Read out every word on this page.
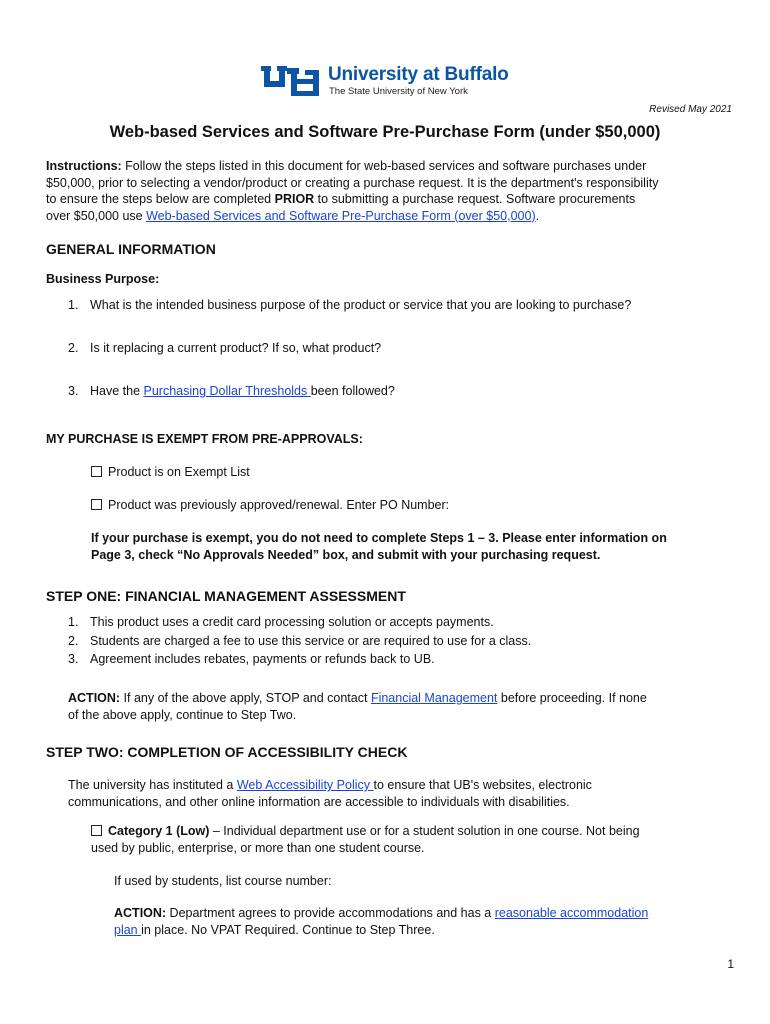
University at Buffalo
The State University of New York
Revised May 2021
Web-based Services and Software Pre-Purchase Form (under $50,000)
Instructions: Follow the steps listed in this document for web-based services and software purchases under
$50,000, prior to selecting a vendor/product or creating a purchase request. It is the department's responsibility
to ensure the steps below are completed PRIOR to submitting a purchase request. Software procurements
over $50,000 use Web-based Services and Software Pre-Purchase Form (over $50,000).
GENERAL INFORMATION
Business Purpose:
1. What is the intended business purpose of the product or service that you are looking to purchase?
2. Is it replacing a current product? If so, what product?
3. Have the Purchasing Dollar Thresholds been followed?
MY PURCHASE IS EXEMPT FROM PRE-APPROVALS:
Product is on Exempt List
Product was previously approved/renewal. Enter PO Number:
If your purchase is exempt, you do not need to complete Steps 1 – 3. Please enter information on
Page 3, check “No Approvals Needed” box, and submit with your purchasing request.
STEP ONE: FINANCIAL MANAGEMENT ASSESSMENT
1. This product uses a credit card processing solution or accepts payments.
2. Students are charged a fee to use this service or are required to use for a class.
3. Agreement includes rebates, payments or refunds back to UB.
ACTION: If any of the above apply, STOP and contact Financial Management before proceeding. If none
of the above apply, continue to Step Two.
STEP TWO: COMPLETION OF ACCESSIBILITY CHECK
The university has instituted a Web Accessibility Policy to ensure that UB's websites, electronic
communications, and other online information are accessible to individuals with disabilities.
Category 1 (Low) – Individual department use or for a student solution in one course. Not being
used by public, enterprise, or more than one student course.
If used by students, list course number:
ACTION: Department agrees to provide accommodations and has a reasonable accommodation
plan in place. No VPAT Required. Continue to Step Three.
1
